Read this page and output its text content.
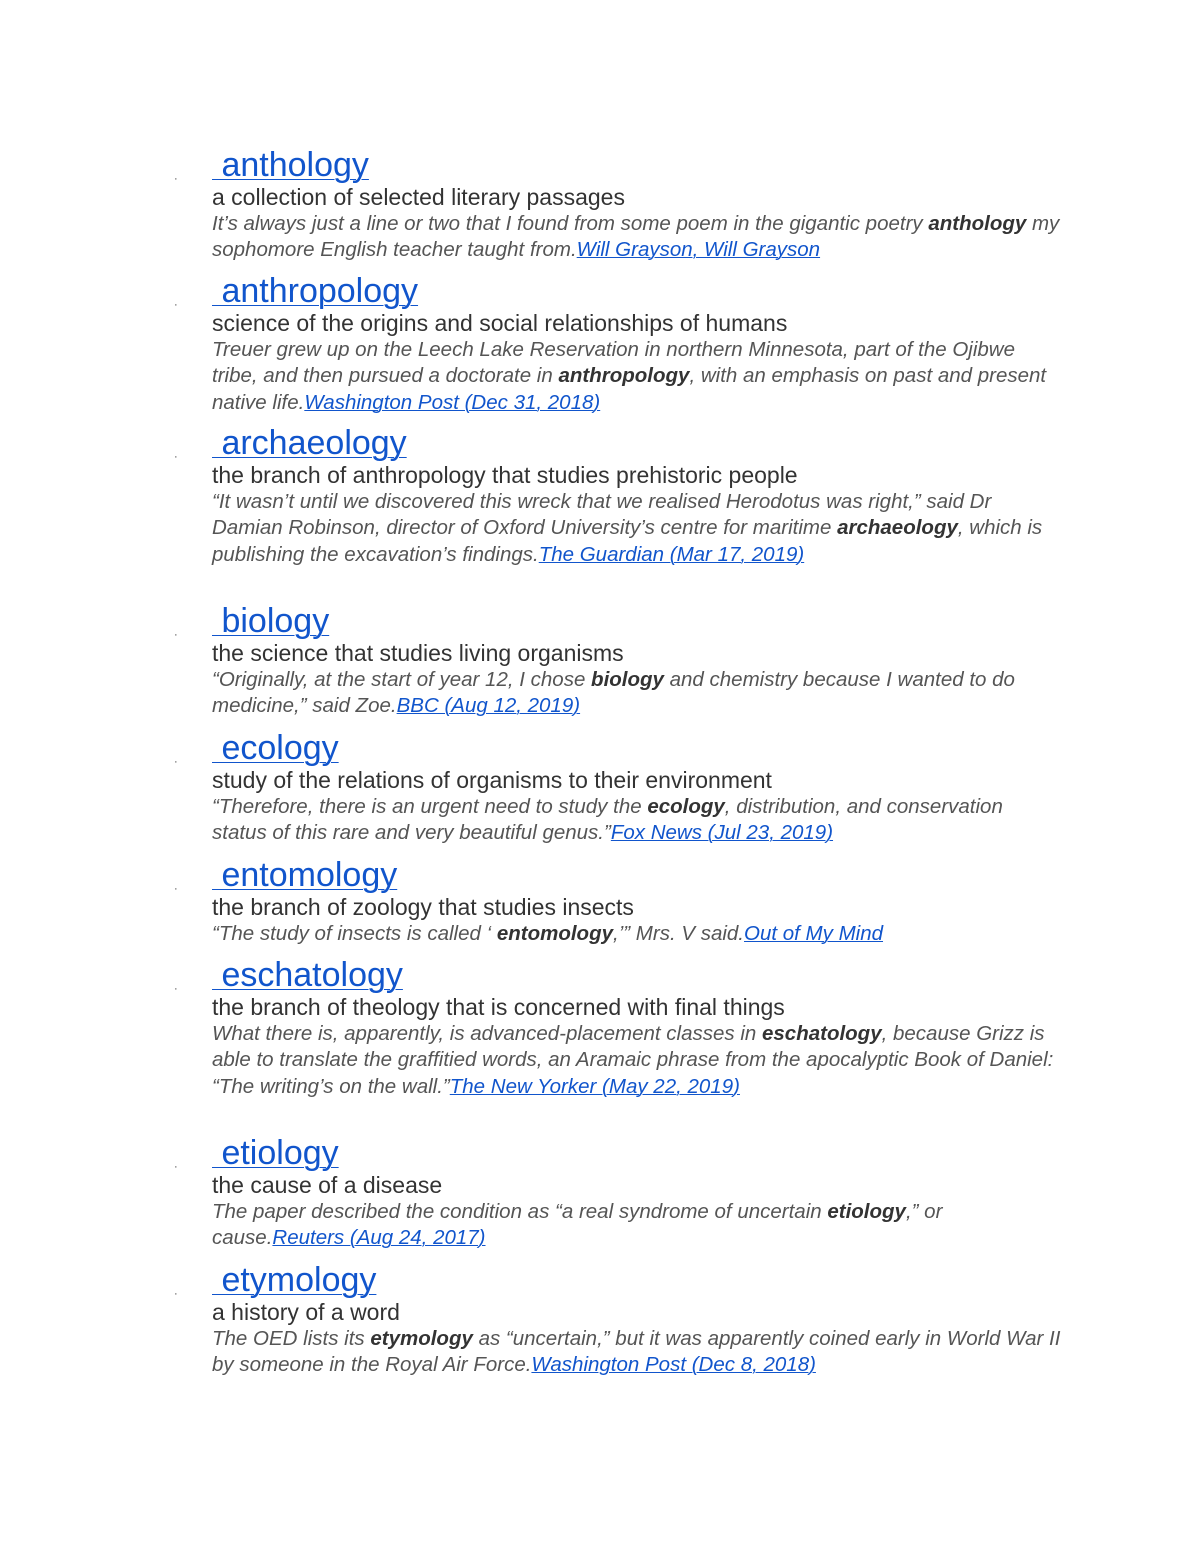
· anthology
a collection of selected literary passages
It’s always just a line or two that I found from some poem in the gigantic poetry anthology my sophomore English teacher taught from.Will Grayson, Will Grayson
· anthropology
science of the origins and social relationships of humans
Treuer grew up on the Leech Lake Reservation in northern Minnesota, part of the Ojibwe tribe, and then pursued a doctorate in anthropology, with an emphasis on past and present native life.Washington Post (Dec 31, 2018)
· archaeology
the branch of anthropology that studies prehistoric people
“It wasn’t until we discovered this wreck that we realised Herodotus was right,” said Dr Damian Robinson, director of Oxford University’s centre for maritime archaeology, which is publishing the excavation’s findings.The Guardian (Mar 17, 2019)
· biology
the science that studies living organisms
“Originally, at the start of year 12, I chose biology and chemistry because I wanted to do medicine,” said Zoe.BBC (Aug 12, 2019)
· ecology
study of the relations of organisms to their environment
“Therefore, there is an urgent need to study the ecology, distribution, and conservation status of this rare and very beautiful genus.”Fox News (Jul 23, 2019)
· entomology
the branch of zoology that studies insects
“The study of insects is called ‘ entomology,’” Mrs. V said.Out of My Mind
· eschatology
the branch of theology that is concerned with final things
What there is, apparently, is advanced-placement classes in eschatology, because Grizz is able to translate the graffitied words, an Aramaic phrase from the apocalyptic Book of Daniel: “The writing’s on the wall.”The New Yorker (May 22, 2019)
· etiology
the cause of a disease
The paper described the condition as “a real syndrome of uncertain etiology,” or cause.Reuters (Aug 24, 2017)
· etymology
a history of a word
The OED lists its etymology as “uncertain,” but it was apparently coined early in World War II by someone in the Royal Air Force.Washington Post (Dec 8, 2018)
